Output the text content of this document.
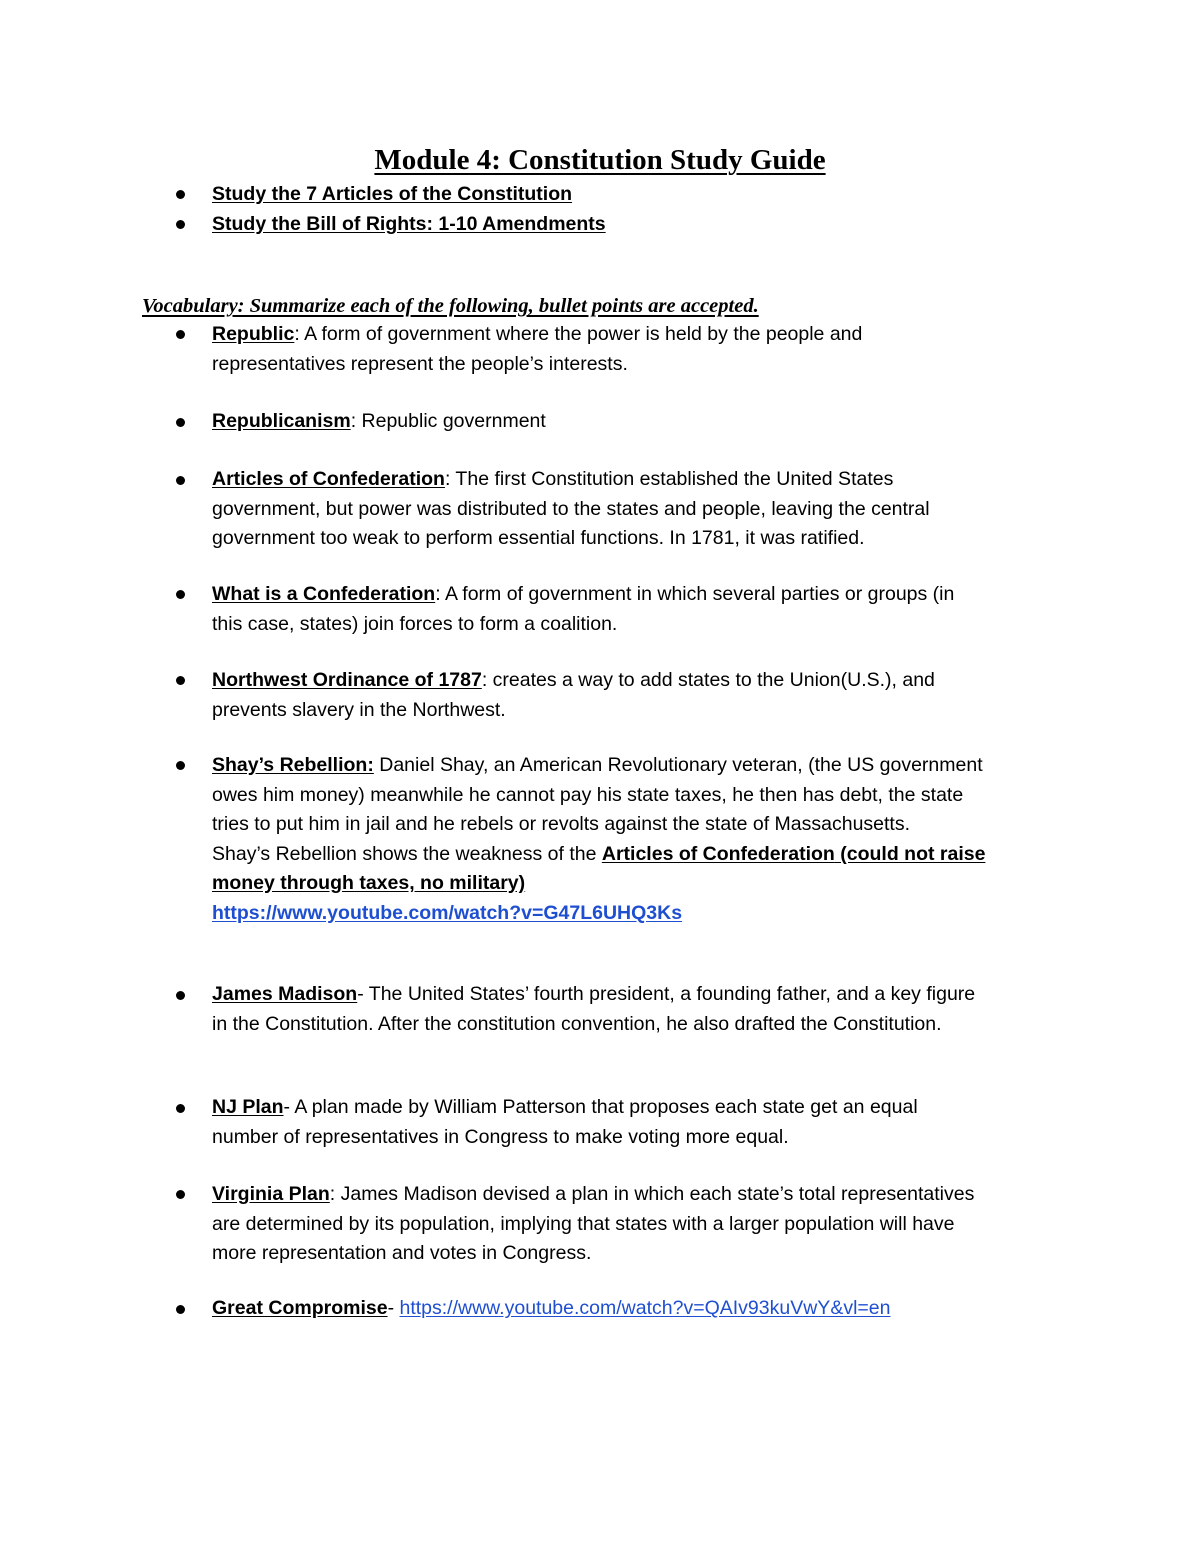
Module 4: Constitution Study Guide
Study the 7 Articles of the Constitution
Study the Bill of Rights: 1-10 Amendments
Vocabulary: Summarize each of the following, bullet points are accepted.
Republic: A form of government where the power is held by the people and
representatives represent the people’s interests.
Republicanism: Republic government
Articles of Confederation: The first Constitution established the United States
government, but power was distributed to the states and people, leaving the central
government too weak to perform essential functions. In 1781, it was ratified.
What is a Confederation: A form of government in which several parties or groups (in
this case, states) join forces to form a coalition.
Northwest Ordinance of 1787: creates a way to add states to the Union(U.S.), and
prevents slavery in the Northwest.
Shay’s Rebellion: Daniel Shay, an American Revolutionary veteran, (the US government
owes him money) meanwhile he cannot pay his state taxes, he then has debt, the state
tries to put him in jail and he rebels or revolts against the state of Massachusetts.
Shay’s Rebellion shows the weakness of the Articles of Confederation (could not raise
money through taxes, no military)
https://www.youtube.com/watch?v=G47L6UHQ3Ks
James Madison- The United States’ fourth president, a founding father, and a key figure
in the Constitution. After the constitution convention, he also drafted the Constitution.
NJ Plan- A plan made by William Patterson that proposes each state get an equal
number of representatives in Congress to make voting more equal.
Virginia Plan: James Madison devised a plan in which each state’s total representatives
are determined by its population, implying that states with a larger population will have
more representation and votes in Congress.
Great Compromise- https://www.youtube.com/watch?v=QAIv93kuVwY&vl=en
